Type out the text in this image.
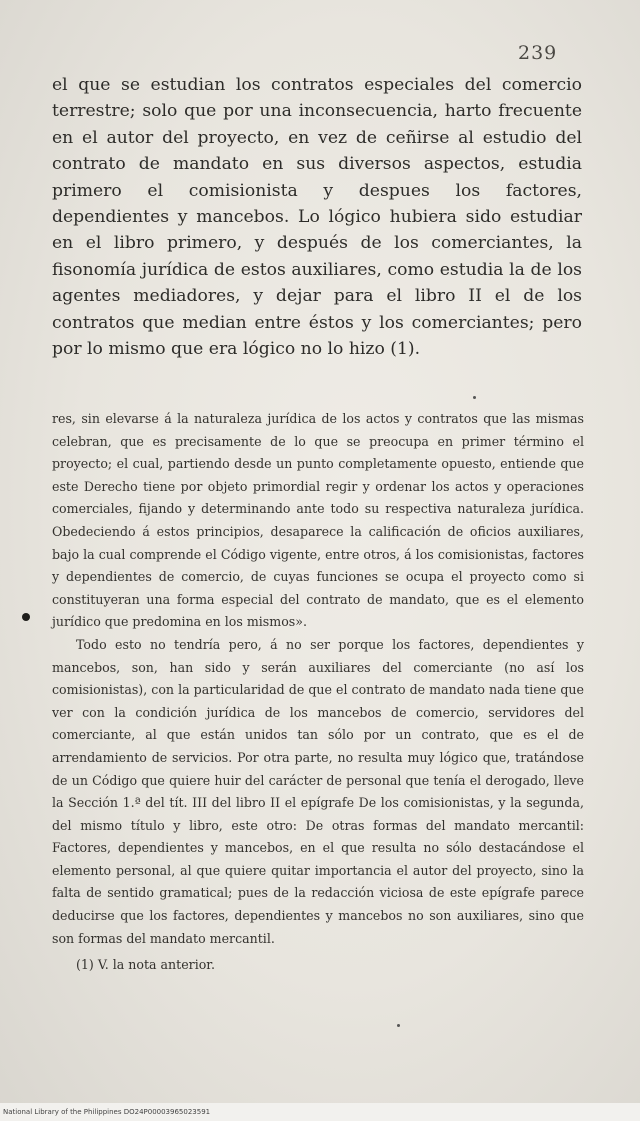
239

el que se estudian los contratos especiales del comercio terrestre; solo que por una inconsecuencia, harto frecuente en el autor del proyecto, en vez de ceñirse al estudio del contrato de mandato en sus diversos aspectos, estudia primero el comisionista y despues los factores, dependientes y mancebos. Lo lógico hubiera sido estudiar en el libro primero, y después de los comerciantes, la fisonomía jurídica de estos auxiliares, como estudia la de los agentes mediadores, y dejar para el libro II el de los contratos que median entre éstos y los comerciantes; pero por lo mismo que era lógico no lo hizo (1).

res, sin elevarse á la naturaleza jurídica de los actos y contratos que las mismas celebran, que es precisamente de lo que se preocupa en primer término el proyecto; el cual, partiendo desde un punto completamente opuesto, entiende que este Derecho tiene por objeto primordial regir y ordenar los actos y operaciones comerciales, fijando y determinando ante todo su respectiva naturaleza jurídica. Obedeciendo á estos principios, desaparece la calificación de oficios auxiliares, bajo la cual comprende el Código vigente, entre otros, á los comisionistas, factores y dependientes de comercio, de cuyas funciones se ocupa el proyecto como si constituyeran una forma especial del contrato de mandato, que es el elemento jurídico que predomina en los mismos».

Todo esto no tendría pero, á no ser porque los factores, dependientes y mancebos, son, han sido y serán auxiliares del comerciante (no así los comisionistas), con la particularidad de que el contrato de mandato nada tiene que ver con la condición jurídica de los mancebos de comercio, servidores del comerciante, al que están unidos tan sólo por un contrato, que es el de arrendamiento de servicios. Por otra parte, no resulta muy lógico que, tratándose de un Código que quiere huir del carácter de personal que tenía el derogado, lleve la Sección 1.ª del tít. III del libro II el epígrafe De los comisionistas, y la segunda, del mismo título y libro, este otro: De otras formas del mandato mercantil: Factores, dependientes y mancebos, en el que resulta no sólo destacándose el elemento personal, al que quiere quitar importancia el autor del proyecto, sino la falta de sentido gramatical; pues de la redacción viciosa de este epígrafe parece deducirse que los factores, dependientes y mancebos no son auxiliares, sino que son formas del mandato mercantil.

(1) V. la nota anterior.

National Library of the Philippines DO24P00003965023591
